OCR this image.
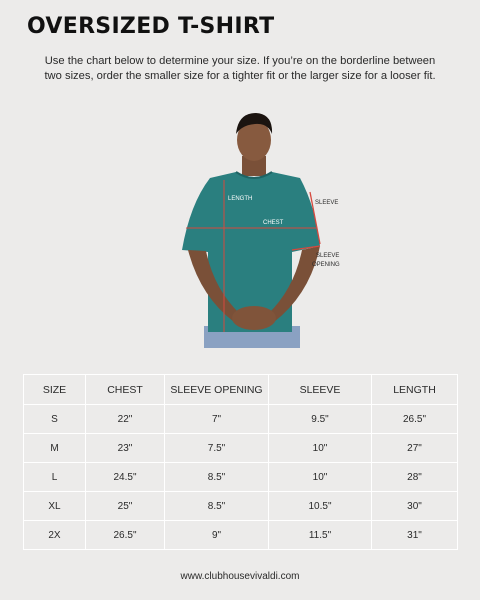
OVERSIZED T-SHIRT
Use the chart below to determine your size. If you’re on the borderline between two sizes, order the smaller size for a tighter fit or the larger size for a looser fit.
LENGTH
CHEST
SLEEVE
SLEEVE
OPENING
SIZE	CHEST	SLEEVE OPENING	SLEEVE	LENGTH
S	22"	7"	9.5"	26.5"
M	23"	7.5"	10"	27"
L	24.5"	8.5"	10"	28"
XL	25"	8.5"	10.5"	30"
2X	26.5"	9"	11.5"	31"
www.clubhousevivaldi.com
